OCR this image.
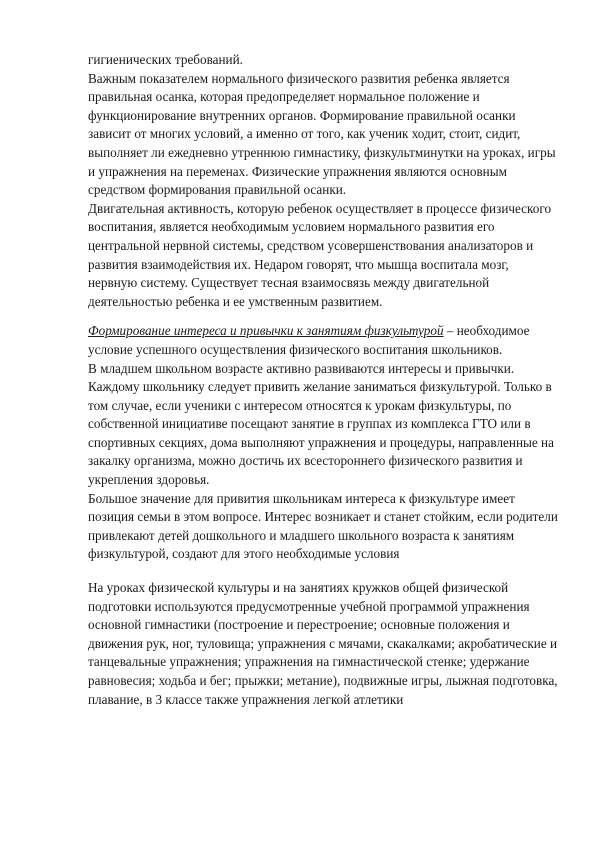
гигиенических требований.

Важным показателем нормального физического развития ребенка является правильная осанка, которая предопределяет нормальное положение и функционирование внутренних органов. Формирование правильной осанки зависит от многих условий, а именно от того, как ученик ходит, стоит, сидит, выполняет ли ежедневно утреннюю гимнастику, физкультминутки на уроках, игры и упражнения на переменах. Физические упражнения являются основным средством формирования правильной осанки.

Двигательная активность, которую ребенок осуществляет в процессе физического воспитания, является необходимым условием нормального развития его центральной нервной системы, средством усовершенствования анализаторов и развития взаимодействия их. Недаром говорят, что мышца воспитала мозг, нервную систему. Существует тесная взаимосвязь между двигательной деятельностью ребенка и ее умственным развитием.

Формирование интереса и привычки к занятиям физкультурой – необходимое условие успешного осуществления физического воспитания школьников.

В младшем школьном возрасте активно развиваются интересы и привычки. Каждому школьнику следует привить желание заниматься физкультурой. Только в том случае, если ученики с интересом относятся к урокам физкультуры, по собственной инициативе посещают занятие в группах из комплекса ГТО или в спортивных секциях, дома выполняют упражнения и процедуры, направленные на закалку организма, можно достичь их всестороннего физического развития и укрепления здоровья.

Большое значение для привития школьникам интереса к физкультуре имеет позиция семьи в этом вопросе. Интерес возникает и станет стойким, если родители привлекают детей дошкольного и младшего школьного возраста к занятиям физкультурой, создают для этого необходимые условия

На уроках физической культуры и на занятиях кружков общей физической подготовки используются предусмотренные учебной программой упражнения основной гимнастики (построение и перестроение; основные положения и движения рук, ног, туловища; упражнения с мячами, скакалками; акробатические и танцевальные упражнения; упражнения на гимнастической стенке; удержание равновесия; ходьба и бег; прыжки; метание), подвижные игры, лыжная подготовка, плавание, в 3 классе также упражнения легкой атлетики
